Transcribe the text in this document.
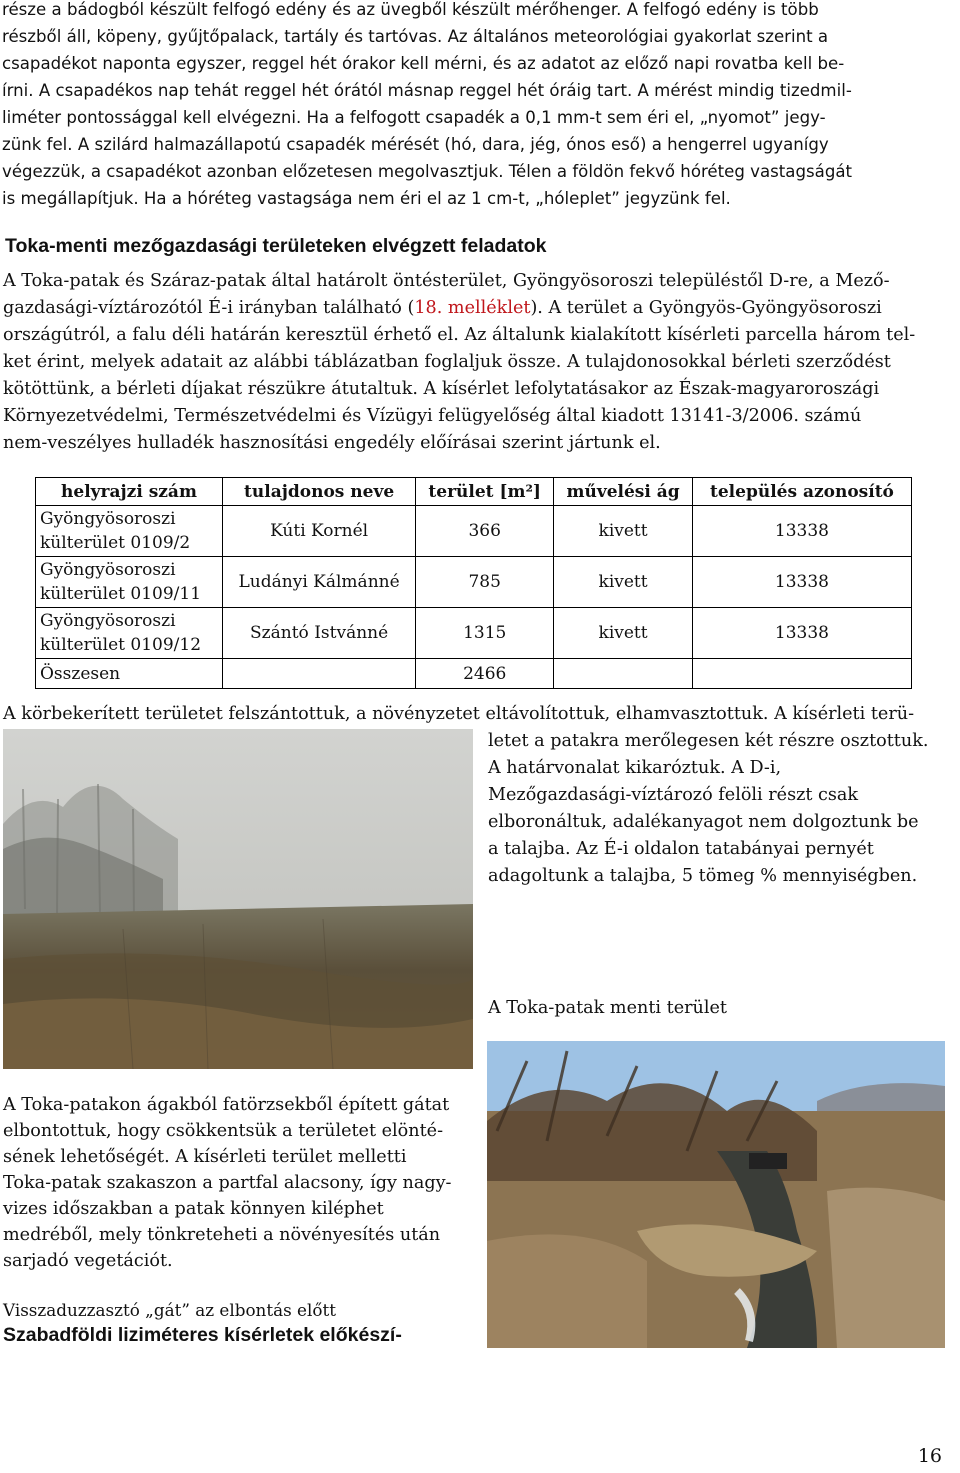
része a bádogból készült felfogó edény és az üvegből készült mérőhenger. A felfogó edény is több
részből áll, köpeny, gyűjtőpalack, tartály és tartóvas. Az általános meteorológiai gyakorlat szerint a
csapadékot naponta egyszer, reggel hét órakor kell mérni, és az adatot az előző napi rovatba kell be-
írni. A csapadékos nap tehát reggel hét órától másnap reggel hét óráig tart. A mérést mindig tizedmil-
liméter pontossággal kell elvégezni. Ha a felfogott csapadék a 0,1 mm-t sem éri el, „nyomot” jegy-
zünk fel. A szilárd halmazállapotú csapadék mérését (hó, dara, jég, ónos eső) a hengerrel ugyanígy
végezzük, a csapadékot azonban előzetesen megolvasztjuk. Télen a földön fekvő hóréteg vastagságát
is megállapítjuk. Ha a hóréteg vastagsága nem éri el az 1 cm-t, „hóleplet” jegyzünk fel.
Toka-menti mezőgazdasági területeken elvégzett feladatok
A Toka-patak és Száraz-patak által határolt öntésterület, Gyöngyösoroszi településtől D-re, a Mező-
gazdasági-víztározótól É-i irányban található (18. melléklet). A terület a Gyöngyös-Gyöngyösoroszi
országútról, a falu déli határán keresztül érhető el. Az általunk kialakított kísérleti parcella három tel-
ket érint, melyek adatait az alábbi táblázatban foglaljuk össze. A tulajdonosokkal bérleti szerződést
kötöttünk, a bérleti díjakat részükre átutaltuk. A kísérlet lefolytatásakor az Észak-magyaroroszági
Környezetvédelmi, Természetvédelmi és Vízügyi felügyelőség által kiadott 13141-3/2006. számú
nem-veszélyes hulladék hasznosítási engedély előírásai szerint jártunk el.
helyrajzi szám	tulajdonos neve	terület [m²]	művelési ág	település azonosító
Gyöngyösoroszi
külterület 0109/2	Kúti Kornél	366	kivett	13338
Gyöngyösoroszi
külterület 0109/11	Ludányi Kálmánné	785	kivett	13338
Gyöngyösoroszi
külterület 0109/12	Szántó Istvánné	1315	kivett	13338
Összesen		2466		
A körbekerített területet felszántottuk, a növényzetet eltávolítottuk, elhamvasztottuk. A kísérleti terü-
letet a patakra merőlegesen két részre osztottuk.
A határvonalat kikaróztuk. A D-i,
Mezőgazdasági-víztározó felöli részt csak
elboronáltuk, adalékanyagot nem dolgoztunk be
a talajba. Az É-i oldalon tatabányai pernyét
adagoltunk a talajba, 5 tömeg % mennyiségben.
A Toka-patak menti terület
A Toka-patakon ágakból fatörzsekből épített gátat
elbontottuk, hogy csökkentsük a területet elönté-
sének lehetőségét. A kísérleti terület melletti
Toka-patak szakaszon a partfal alacsony, így nagy-
vizes időszakban a patak könnyen kiléphet
medréből, mely tönkreteheti a növényesítés után
sarjadó vegetációt.
Visszaduzzasztó „gát” az elbontás előtt
Szabadföldi liziméteres kísérletek előkészí-
16
